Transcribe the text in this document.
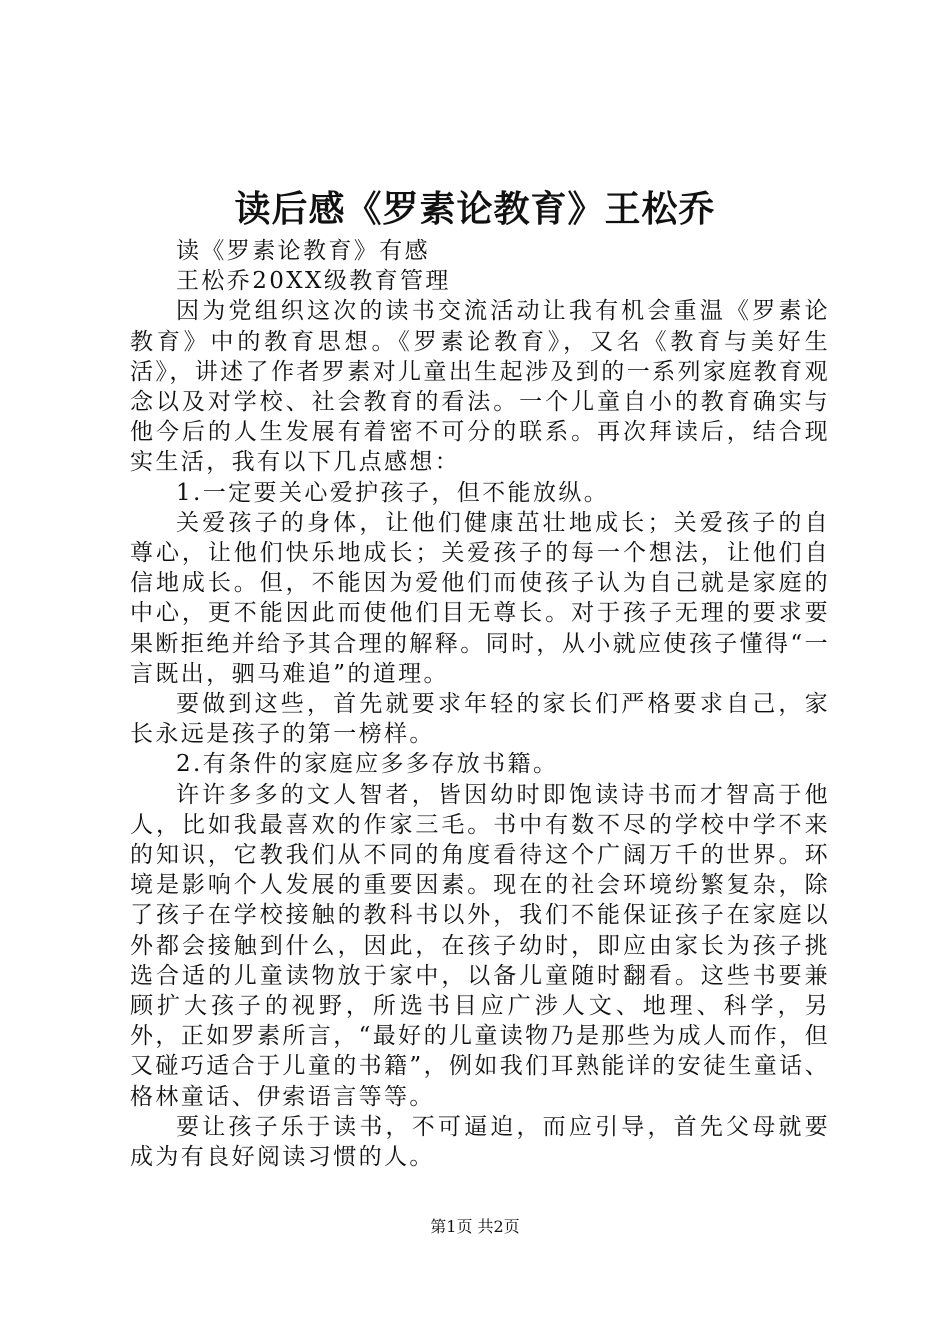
读后感《罗素论教育》王松乔

读《罗素论教育》有感

王松乔20XX级教育管理

因为党组织这次的读书交流活动让我有机会重温《罗素论教育》中的教育思想。《罗素论教育》，又名《教育与美好生活》，讲述了作者罗素对儿童出生起涉及到的一系列家庭教育观念以及对学校、社会教育的看法。一个儿童自小的教育确实与他今后的人生发展有着密不可分的联系。再次拜读后，结合现实生活，我有以下几点感想：

1.一定要关心爱护孩子，但不能放纵。

关爱孩子的身体，让他们健康茁壮地成长；关爱孩子的自尊心，让他们快乐地成长；关爱孩子的每一个想法，让他们自信地成长。但，不能因为爱他们而使孩子认为自己就是家庭的中心，更不能因此而使他们目无尊长。对于孩子无理的要求要果断拒绝并给予其合理的解释。同时，从小就应使孩子懂得“一言既出，驷马难追”的道理。

要做到这些，首先就要求年轻的家长们严格要求自己，家长永远是孩子的第一榜样。

2.有条件的家庭应多多存放书籍。

许许多多的文人智者，皆因幼时即饱读诗书而才智高于他人，比如我最喜欢的作家三毛。书中有数不尽的学校中学不来的知识，它教我们从不同的角度看待这个广阔万千的世界。环境是影响个人发展的重要因素。现在的社会环境纷繁复杂，除了孩子在学校接触的教科书以外，我们不能保证孩子在家庭以外都会接触到什么，因此，在孩子幼时，即应由家长为孩子挑选合适的儿童读物放于家中，以备儿童随时翻看。这些书要兼顾扩大孩子的视野，所选书目应广涉人文、地理、科学，另外，正如罗素所言，“最好的儿童读物乃是那些为成人而作，但又碰巧适合于儿童的书籍”，例如我们耳熟能详的安徒生童话、格林童话、伊索语言等等。

要让孩子乐于读书，不可逼迫，而应引导，首先父母就要成为有良好阅读习惯的人。

第1页 共2页
